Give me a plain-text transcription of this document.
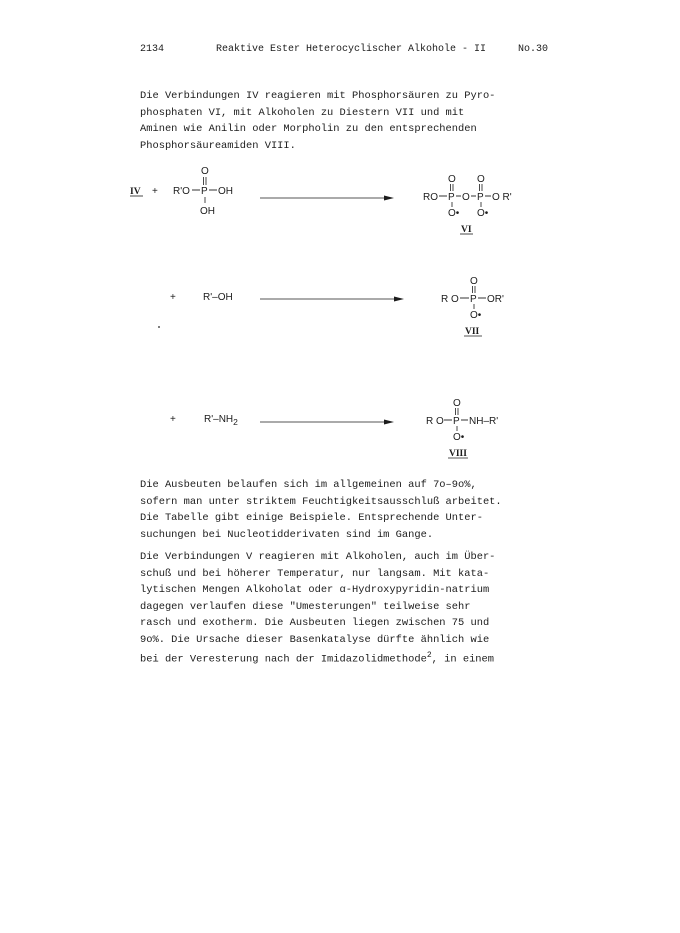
2134	Reaktive Ester Heterocyclischer Alkohole - II	No.30
Die Verbindungen IV reagieren mit Phosphorsäuren zu Pyro-
phosphaten VI, mit Alkoholen zu Diestern VII und mit
Aminen wie Anilin oder Morpholin zu den entsprechenden
Phosphorsäureamiden VIII.
IV + R'O P OH
O
OH
RO P O P O R'
O O
O• O•
VI
+	R'–OH	R O P OR'
O
O•
VII
+	$R'-NH_2$	R O P NH–R'
O
O•
VIII
Die Ausbeuten belaufen sich im allgemeinen auf 7o–9o%,
sofern man unter striktem Feuchtigkeitsausschluß arbeitet.
Die Tabelle gibt einige Beispiele. Entsprechende Unter-
suchungen bei Nucleotidderivaten sind im Gange.
Die Verbindungen V reagieren mit Alkoholen, auch im Über-
schuß und bei höherer Temperatur, nur langsam. Mit kata-
lytischen Mengen Alkoholat oder α-Hydroxypyridin-natrium
dagegen verlaufen diese "Umesterungen" teilweise sehr
rasch und exotherm. Die Ausbeuten liegen zwischen 75 und
9o%. Die Ursache dieser Basenkatalyse dürfte ähnlich wie
bei der Veresterung nach der Imidazolidmethode$^2$, in einem
